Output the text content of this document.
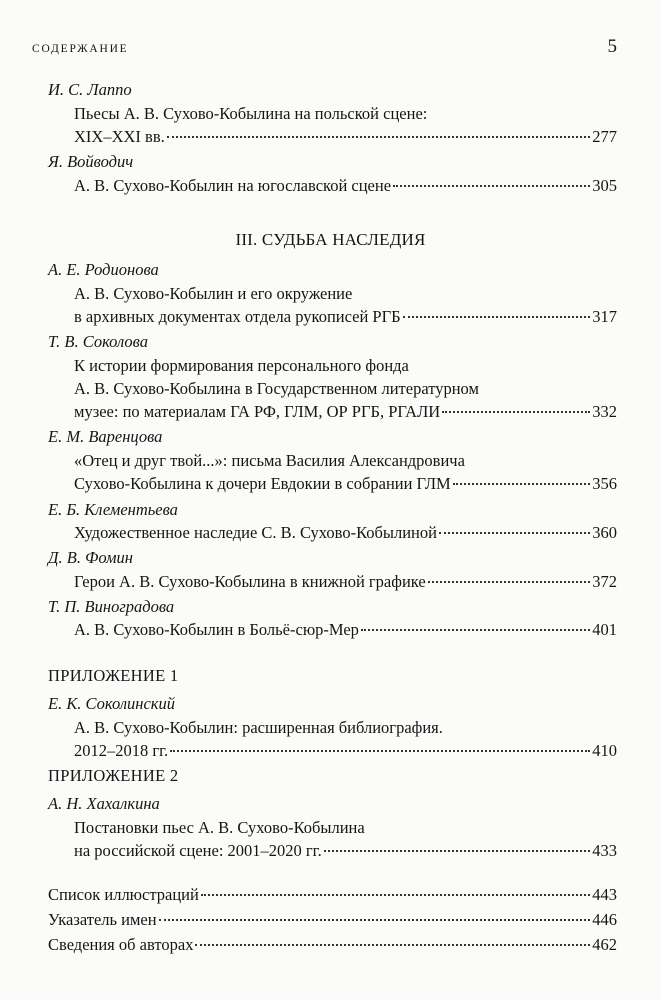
СОДЕРЖАНИЕ	5
И. С. Лаппо
Пьесы А. В. Сухово-Кобылина на польской сцене:
XIX–XXI вв.	277
Я. Войводич
А. В. Сухово-Кобылин на югославской сцене	305
III. СУДЬБА НАСЛЕДИЯ
А. Е. Родионова
А. В. Сухово-Кобылин и его окружение
в архивных документах отдела рукописей РГБ	317
Т. В. Соколова
К истории формирования персонального фонда
А. В. Сухово-Кобылина в Государственном литературном
музее: по материалам ГА РФ, ГЛМ, ОР РГБ, РГАЛИ	332
Е. М. Варенцова
«Отец и друг твой...»: письма Василия Александровича
Сухово-Кобылина к дочери Евдокии в собрании ГЛМ	356
Е. Б. Клементьева
Художественное наследие С. В. Сухово-Кобылиной	360
Д. В. Фомин
Герои А. В. Сухово-Кобылина в книжной графике	372
Т. П. Виноградова
А. В. Сухово-Кобылин в Больё-сюр-Мер	401
ПРИЛОЖЕНИЕ 1
Е. К. Соколинский
А. В. Сухово-Кобылин: расширенная библиография.
2012–2018 гг.	410
ПРИЛОЖЕНИЕ 2
А. Н. Хахалкина
Постановки пьес А. В. Сухово-Кобылина
на российской сцене: 2001–2020 гг.	433
Список иллюстраций	443
Указатель имен	446
Сведения об авторах	462
